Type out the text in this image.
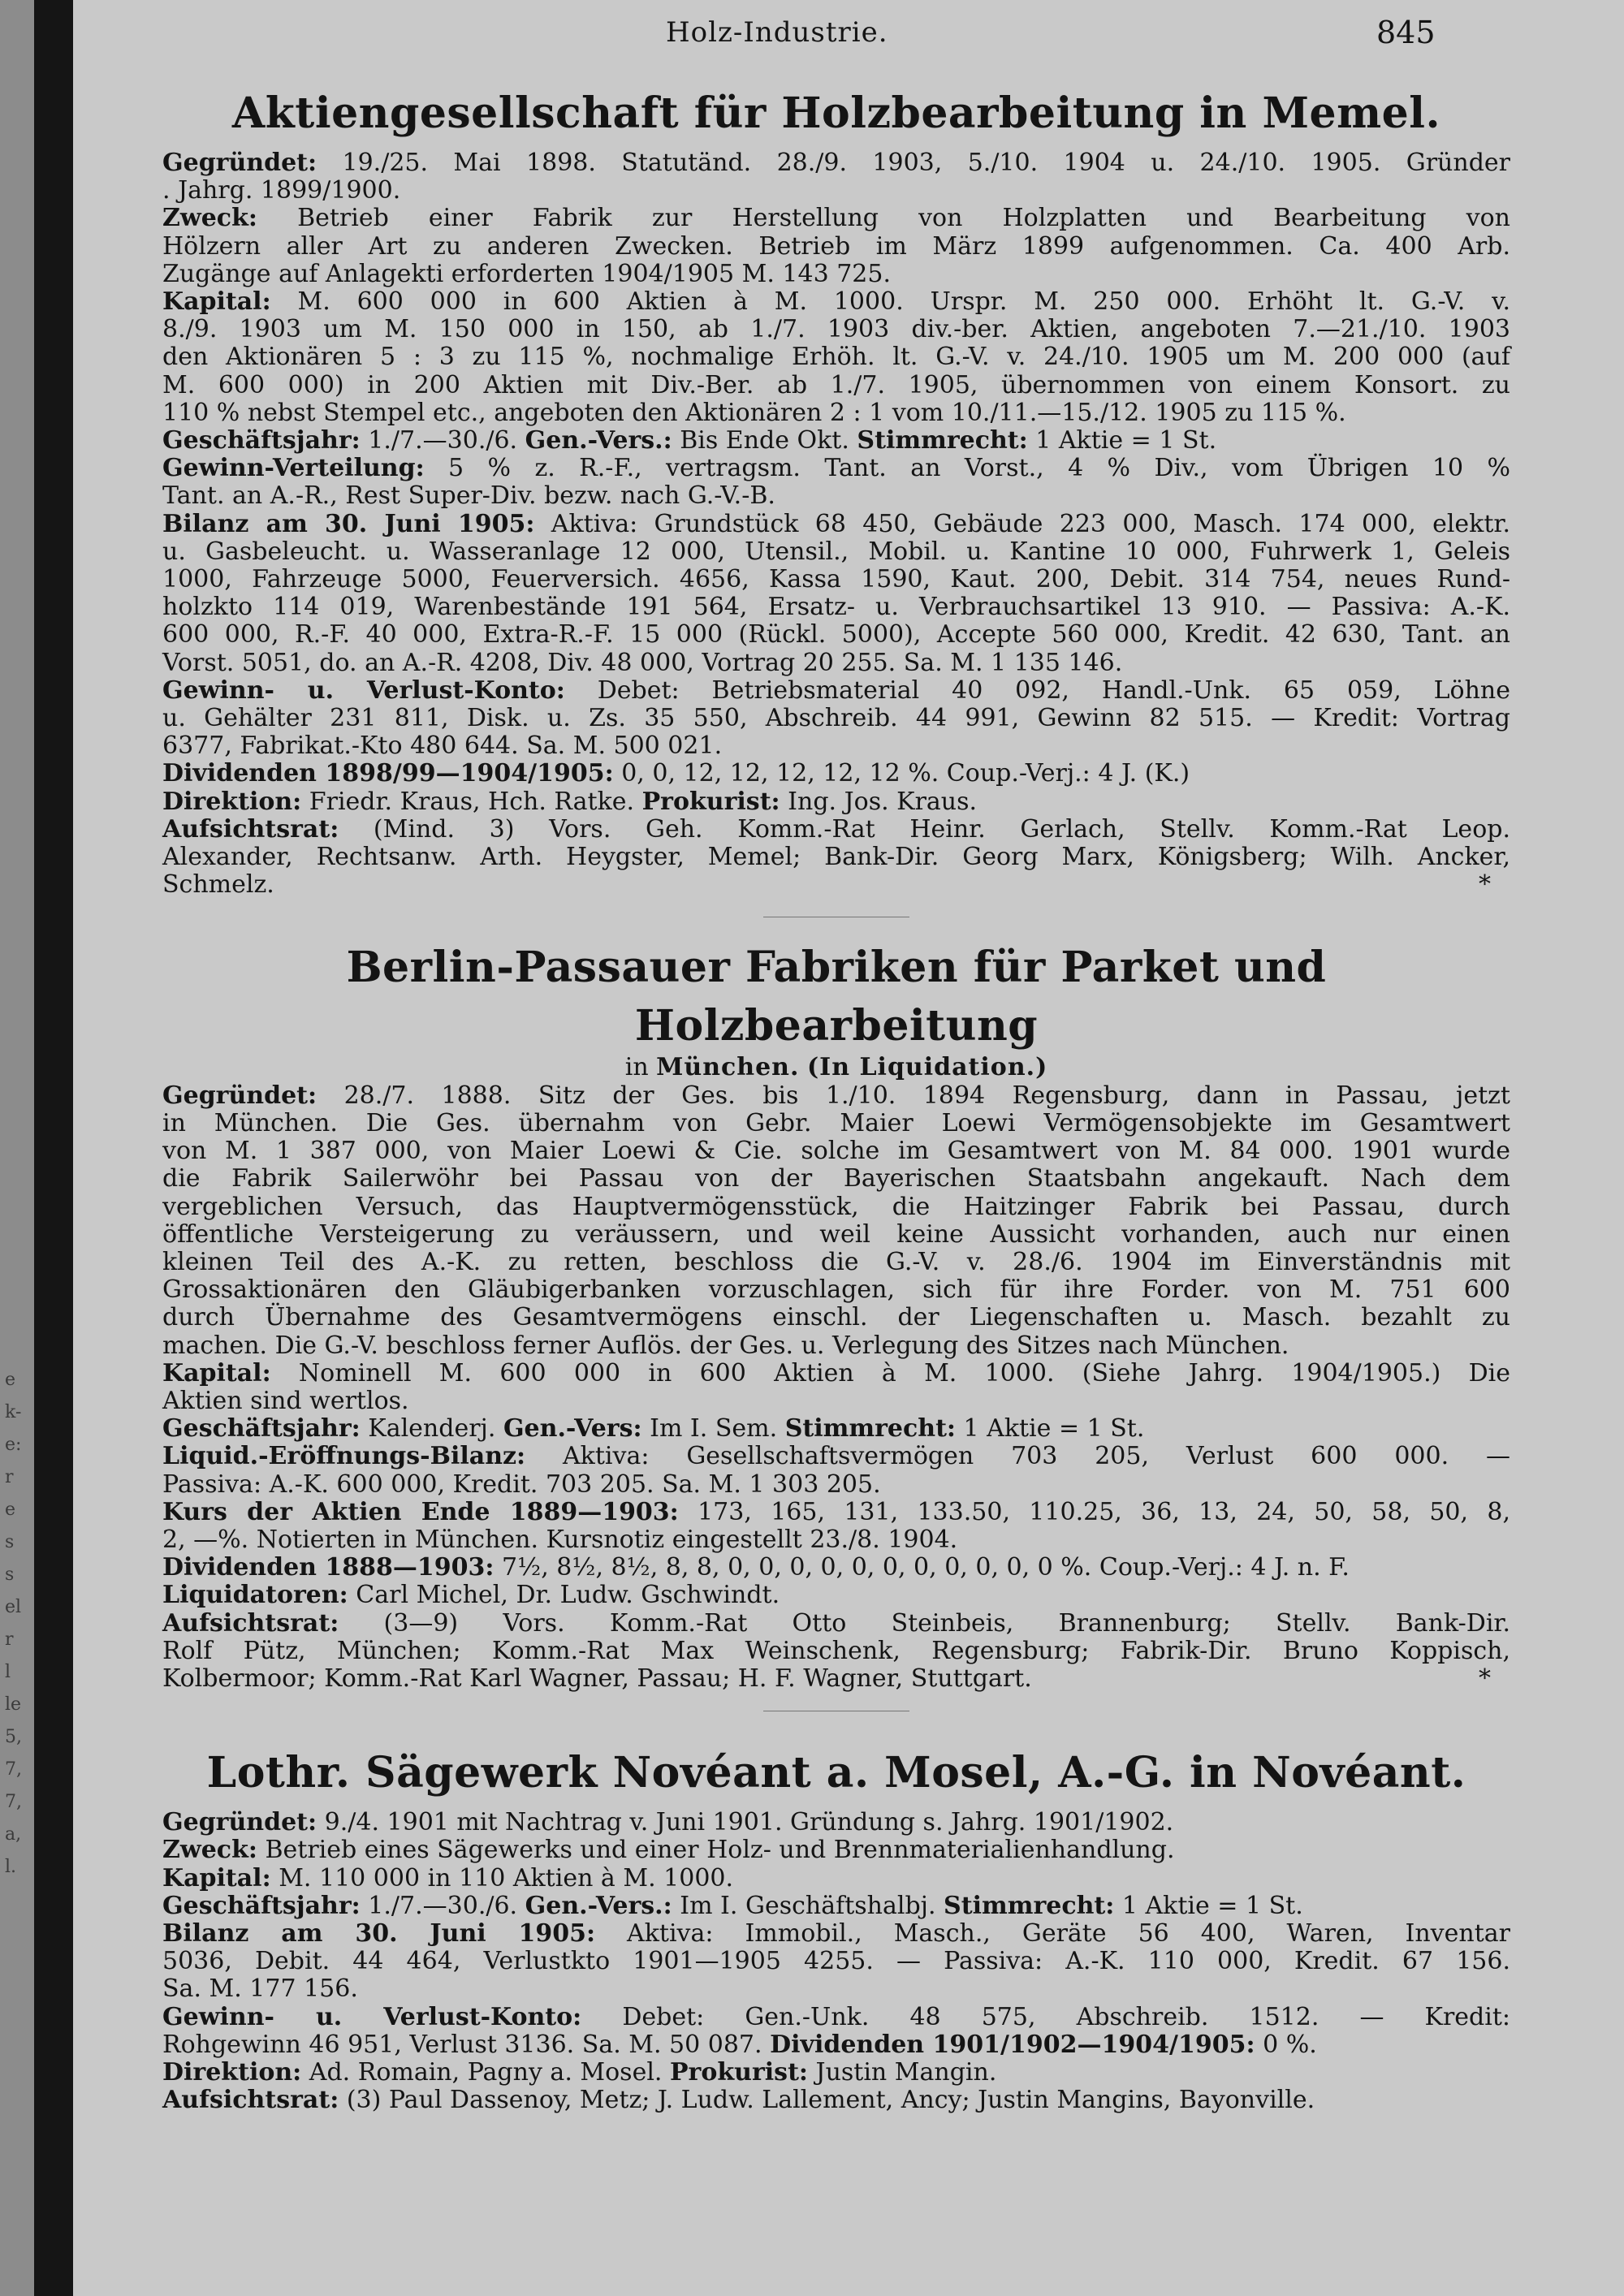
e
k-
e:
r
e
s
s
el
r
l
le
5,
7,
7,
a,
l.
Holz-Industrie.	845
Aktiengesellschaft für Holzbearbeitung in Memel.

Gegründet: 19./25. Mai 1898. Statutänd. 28./9. 1903, 5./10. 1904 u. 24./10. 1905. Gründer

. Jahrg. 1899/1900.

Zweck: Betrieb einer Fabrik zur Herstellung von Holzplatten und Bearbeitung von

Hölzern aller Art zu anderen Zwecken. Betrieb im März 1899 aufgenommen. Ca. 400 Arb.

Zugänge auf Anlagekti erforderten 1904/1905 M. 143 725.

Kapital: M. 600 000 in 600 Aktien à M. 1000. Urspr. M. 250 000. Erhöht lt. G.-V. v.

8./9. 1903 um M. 150 000 in 150, ab 1./7. 1903 div.-ber. Aktien, angeboten 7.—21./10. 1903

den Aktionären 5 : 3 zu 115 %, nochmalige Erhöh. lt. G.-V. v. 24./10. 1905 um M. 200 000 (auf

M. 600 000) in 200 Aktien mit Div.-Ber. ab 1./7. 1905, übernommen von einem Konsort. zu

110 % nebst Stempel etc., angeboten den Aktionären 2 : 1 vom 10./11.—15./12. 1905 zu 115 %.

Geschäftsjahr: 1./7.—30./6. Gen.-Vers.: Bis Ende Okt. Stimmrecht: 1 Aktie = 1 St.

Gewinn-Verteilung: 5 % z. R.-F., vertragsm. Tant. an Vorst., 4 % Div., vom Übrigen 10 %

Tant. an A.-R., Rest Super-Div. bezw. nach G.-V.-B.

Bilanz am 30. Juni 1905: Aktiva: Grundstück 68 450, Gebäude 223 000, Masch. 174 000, elektr.

u. Gasbeleucht. u. Wasseranlage 12 000, Utensil., Mobil. u. Kantine 10 000, Fuhrwerk 1, Geleis

1000, Fahrzeuge 5000, Feuerversich. 4656, Kassa 1590, Kaut. 200, Debit. 314 754, neues Rund-

holzkto 114 019, Warenbestände 191 564, Ersatz- u. Verbrauchsartikel 13 910. — Passiva: A.-K.

600 000, R.-F. 40 000, Extra-R.-F. 15 000 (Rückl. 5000), Accepte 560 000, Kredit. 42 630, Tant. an

Vorst. 5051, do. an A.-R. 4208, Div. 48 000, Vortrag 20 255. Sa. M. 1 135 146.

Gewinn- u. Verlust-Konto: Debet: Betriebsmaterial 40 092, Handl.-Unk. 65 059, Löhne

u. Gehälter 231 811, Disk. u. Zs. 35 550, Abschreib. 44 991, Gewinn 82 515. — Kredit: Vortrag

6377, Fabrikat.-Kto 480 644. Sa. M. 500 021.

Dividenden 1898/99—1904/1905: 0, 0, 12, 12, 12, 12, 12 %. Coup.-Verj.: 4 J. (K.)

Direktion: Friedr. Kraus, Hch. Ratke. Prokurist: Ing. Jos. Kraus.

Aufsichtsrat: (Mind. 3) Vors. Geh. Komm.-Rat Heinr. Gerlach, Stellv. Komm.-Rat Leop.

Alexander, Rechtsanw. Arth. Heygster, Memel; Bank-Dir. Georg Marx, Königsberg; Wilh. Ancker,

Schmelz.	*

Berlin-Passauer Fabriken für Parket und Holzbearbeitung

in München. (In Liquidation.)

Gegründet: 28./7. 1888. Sitz der Ges. bis 1./10. 1894 Regensburg, dann in Passau, jetzt

in München. Die Ges. übernahm von Gebr. Maier Loewi Vermögensobjekte im Gesamtwert

von M. 1 387 000, von Maier Loewi & Cie. solche im Gesamtwert von M. 84 000. 1901 wurde

die Fabrik Sailerwöhr bei Passau von der Bayerischen Staatsbahn angekauft. Nach dem

vergeblichen Versuch, das Hauptvermögensstück, die Haitzinger Fabrik bei Passau, durch

öffentliche Versteigerung zu veräussern, und weil keine Aussicht vorhanden, auch nur einen

kleinen Teil des A.-K. zu retten, beschloss die G.-V. v. 28./6. 1904 im Einverständnis mit

Grossaktionären den Gläubigerbanken vorzuschlagen, sich für ihre Forder. von M. 751 600

durch Übernahme des Gesamtvermögens einschl. der Liegenschaften u. Masch. bezahlt zu

machen. Die G.-V. beschloss ferner Auflös. der Ges. u. Verlegung des Sitzes nach München.

Kapital: Nominell M. 600 000 in 600 Aktien à M. 1000. (Siehe Jahrg. 1904/1905.) Die

Aktien sind wertlos.

Geschäftsjahr: Kalenderj. Gen.-Vers: Im I. Sem. Stimmrecht: 1 Aktie = 1 St.

Liquid.-Eröffnungs-Bilanz: Aktiva: Gesellschaftsvermögen 703 205, Verlust 600 000. —

Passiva: A.-K. 600 000, Kredit. 703 205. Sa. M. 1 303 205.

Kurs der Aktien Ende 1889—1903: 173, 165, 131, 133.50, 110.25, 36, 13, 24, 50, 58, 50, 8,

2, —%. Notierten in München. Kursnotiz eingestellt 23./8. 1904.

Dividenden 1888—1903: 7½, 8½, 8½, 8, 8, 0, 0, 0, 0, 0, 0, 0, 0, 0, 0, 0 %. Coup.-Verj.: 4 J. n. F.

Liquidatoren: Carl Michel, Dr. Ludw. Gschwindt.

Aufsichtsrat: (3—9) Vors. Komm.-Rat Otto Steinbeis, Brannenburg; Stellv. Bank-Dir.

Rolf Pütz, München; Komm.-Rat Max Weinschenk, Regensburg; Fabrik-Dir. Bruno Koppisch,

Kolbermoor; Komm.-Rat Karl Wagner, Passau; H. F. Wagner, Stuttgart.	*

Lothr. Sägewerk Novéant a. Mosel, A.-G. in Novéant.

Gegründet: 9./4. 1901 mit Nachtrag v. Juni 1901. Gründung s. Jahrg. 1901/1902.

Zweck: Betrieb eines Sägewerks und einer Holz- und Brennmaterialienhandlung.

Kapital: M. 110 000 in 110 Aktien à M. 1000.

Geschäftsjahr: 1./7.—30./6. Gen.-Vers.: Im I. Geschäftshalbj. Stimmrecht: 1 Aktie = 1 St.

Bilanz am 30. Juni 1905: Aktiva: Immobil., Masch., Geräte 56 400, Waren, Inventar

5036, Debit. 44 464, Verlustkto 1901—1905 4255. — Passiva: A.-K. 110 000, Kredit. 67 156.

Sa. M. 177 156.

Gewinn- u. Verlust-Konto: Debet: Gen.-Unk. 48 575, Abschreib. 1512. — Kredit:

Rohgewinn 46 951, Verlust 3136. Sa. M. 50 087. Dividenden 1901/1902—1904/1905: 0 %.

Direktion: Ad. Romain, Pagny a. Mosel. Prokurist: Justin Mangin.

Aufsichtsrat: (3) Paul Dassenoy, Metz; J. Ludw. Lallement, Ancy; Justin Mangins, Bayonville.
